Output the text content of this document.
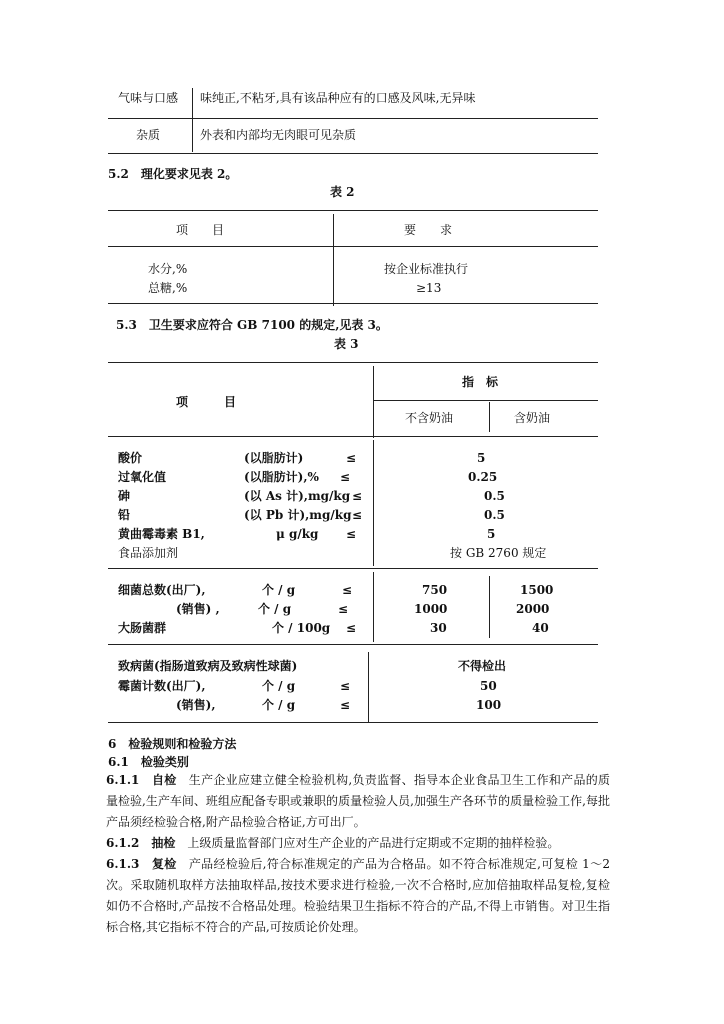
气味与口感 味纯正,不粘牙,具有该品种应有的口感及风味,无异味
杂质	外表和内部均无肉眼可见杂质
5.2　理化要求见表 2。
表 2
项　　目	要　　求
水分,%	按企业标准执行
总糖,%	≥13
5.3　卫生要求应符合 GB 7100 的规定,见表 3。
表 3
项　　　目
指　标
不含奶油	含奶油
酸价	(以脂肪计)	≤	5
过氧化值	(以脂肪计),% ≤	0.25
砷	(以 As 计),mg/kg ≤	0.5
铅	(以 Pb 计),mg/kg ≤	0.5
黄曲霉毒素 B1,	μ g/kg ≤	5
食品添加剂	按 GB 2760 规定
细菌总数(出厂),	个 / g	≤	750	1500
(销售) ,	个 / g	≤	1000	2000
大肠菌群	个 / 100g ≤	30	40
致病菌(指肠道致病及致病性球菌)	不得检出
霉菌计数(出厂),	个 / g	≤	50
(销售),	个 / g	≤	100
6　检验规则和检验方法
6.1　检验类别
6.1.1　自检　生产企业应建立健全检验机构,负责监督、指导本企业食品卫生工作和产品的质量检验,生产车间、班组应配备专职或兼职的质量检验人员,加强生产各环节的质量检验工作,每批产品须经检验合格,附产品检验合格证,方可出厂。
6.1.2　抽检　上级质量监督部门应对生产企业的产品进行定期或不定期的抽样检验。
6.1.3　复检　产品经检验后,符合标准规定的产品为合格品。如不符合标准规定,可复检 1～2 次。采取随机取样方法抽取样品,按技术要求进行检验,一次不合格时,应加倍抽取样品复检,复检如仍不合格时,产品按不合格品处理。检验结果卫生指标不符合的产品,不得上市销售。对卫生指标合格,其它指标不符合的产品,可按质论价处理。
